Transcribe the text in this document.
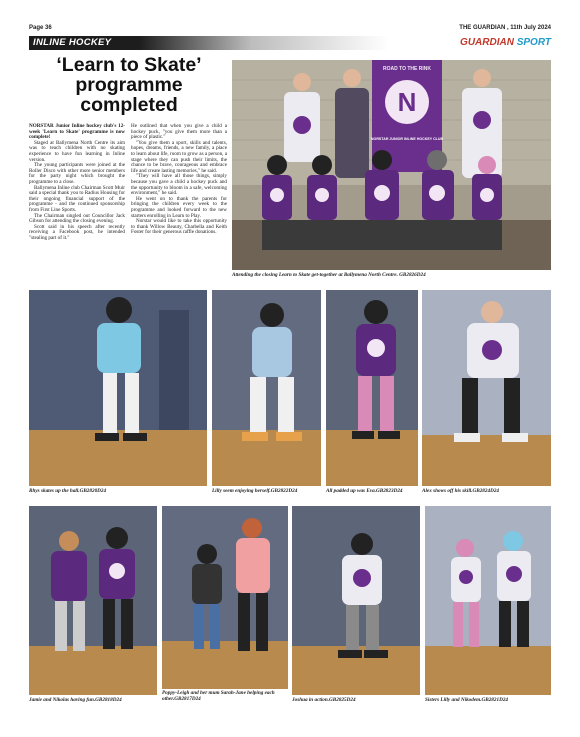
Page 36	THE GUARDIAN , 11th July 2024
INLINE HOCKEY	GUARDIAN SPORT
‘Learn to Skate’ programme completed

NORSTAR Junior Inline hockey club's 12-week 'Learn to Skate' programme is now complete!

Staged at Ballymena North Centre its aim was to teach children with no skating experience to have fun learning in Inline version.

The young participants were joined at the Roller Disco with other more senior members for the party night which brought the programme to a close.

Ballymena Inline club Chairman Scott Muir said a special thank you to Radius Housing for their ongoing financial support of the programme - and the continued sponsorship from First Line Sports.

The Chairman singled out Councillor Jack Gibson for attending the closing evening.

Scott said in his speech after recently receiving a Facebook post, he intended "stealing part of it."

He outlined that when you give a child a hockey puck, "you give them more than a piece of plastic."

"You give them a sport, skills and talents, hopes, dreams, friends, a new family, a place to learn about life, room to grow as a person, a stage where they can push their limits, the chance to be brave, courageous and embrace life and create lasting memories," he said.

"They will have all those things, simply because you gave a child a hockey puck and the opportunity to bloom in a safe, welcoming environment," he said.

He went on to thank the parents for bringing the children every week to the programme and looked forward to the new starters enrolling in Learn to Play.

Norstar would like to take this opportunity to thank Willow Beauty, Charbella and Keith Foster for their generous raffle donations.

N
ROAD TO THE RINK
NORSTAR JUNIOR INLINE HOCKEY CLUB
Attending the closing Learn to Skate get-together at Ballymena North Centre. GB2826D24
Rhys skates up the hall.GB2820D24	Lilly seem enjoying herself.GB2822D24	All padded up was Eva.GB2823D24	Alex shows off his skill.GB2824D24
Jamie and Nikolas having fun.GB2818D24
Poppy-Leigh and her mum Sarah-Jane helping each other.GB2817D24	Joshua in action.GB2825D24	Sisters Lilly and Nikodem.GB2821D24
